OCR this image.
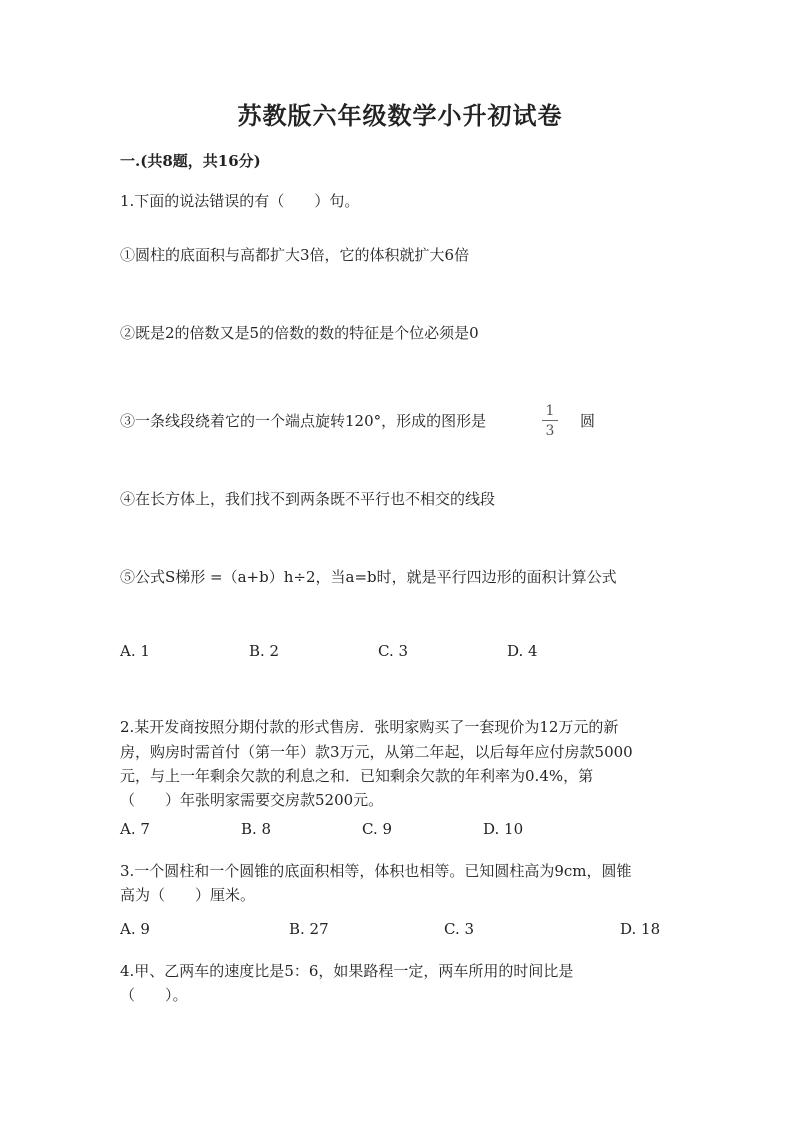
苏教版六年级数学小升初试卷
一.(共8题，共16分)
1.下面的说法错误的有（　　）句。
①圆柱的底面积与高都扩大3倍，它的体积就扩大6倍
②既是2的倍数又是5的倍数的数的特征是个位必须是0
③一条线段绕着它的一个端点旋转120°，形成的图形是
1
3
圆
④在长方体上，我们找不到两条既不平行也不相交的线段
⑤公式S梯形 =（a+b）h÷2，当a=b时，就是平行四边形的面积计算公式
A. 1	B. 2	C. 3	D. 4
2.某开发商按照分期付款的形式售房．张明家购买了一套现价为12万元的新
房，购房时需首付（第一年）款3万元，从第二年起，以后每年应付房款5000
元，与上一年剩余欠款的利息之和．已知剩余欠款的年利率为0.4%，第
（　　）年张明家需要交房款5200元。
A. 7	B. 8	C. 9	D. 10
3.一个圆柱和一个圆锥的底面积相等，体积也相等。已知圆柱高为9cm，圆锥
高为（　　）厘米。
A. 9	B. 27	C. 3	D. 18
4.甲、乙两车的速度比是5：6，如果路程一定，两车所用的时间比是
（　　）。
